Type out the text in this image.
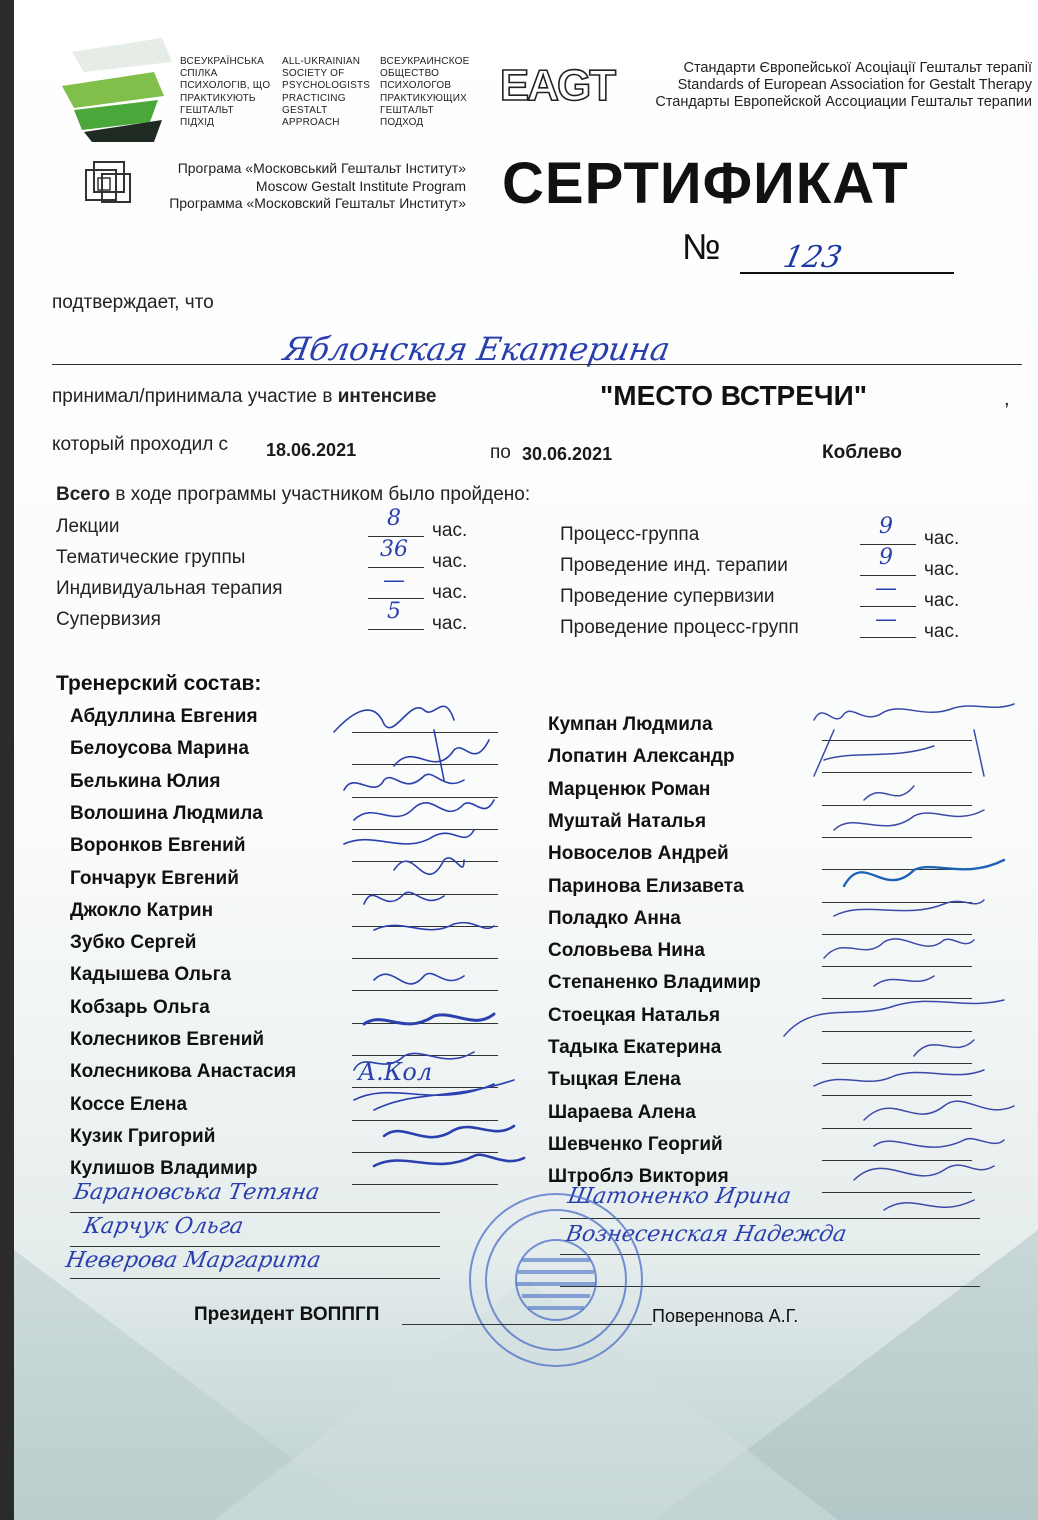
ВСЕУКРАЇНСЬКА
СПІЛКА
ПСИХОЛОГІВ, ЩО
ПРАКТИКУЮТЬ
ГЕШТАЛЬТ
ПІДХІД
ALL-UKRAINIAN
SOCIETY OF
PSYCHOLOGISTS
PRACTICING
GESTALT
APPROACH
ВСЕУКРАИНСКОЕ
ОБЩЕСТВО
ПСИХОЛОГОВ
ПРАКТИКУЮЩИХ
ГЕШТАЛЬТ
ПОДХОД
EAGT	Стандарти Європейської Асоціації Гештальт терапії
Standards of European Association for Gestalt Therapy
Стандарты Европейской Ассоциации Гештальт терапии
Програма «Московський Гештальт Інститут»
Moscow Gestalt Institute Program
Программа «Московский Гештальт Институт» СЕРТИФИКАТ
№ 123
подтверждает, что
Яблонская Екатерина
принимал/принимала участие в интенсиве	"МЕСТО ВСТРЕЧИ"	,
который проходил с 18.06.2021	по 30.06.2021	Коблево
Всего в ходе программы участником было пройдено:
Лекции	8	час.
Тематические группы	36	час.
Индивидуальная терапия	—	час.
Супервизия	5	час.
Процесс-группа	9	час.
Проведение инд. терапии	9	час.
Проведение супервизии	—	час.
Проведение процесс-групп	—	час.
Тренерский состав:
Абдуллина Евгения
Белоусова Марина
Белькина Юлия
Волошина Людмила
Воронков Евгений
Гончарук Евгений
Джокло Катрин
Зубко Сергей
Кадышева Ольга
Кобзарь Ольга
Колесников Евгений
Колесникова Анастасия
Коссе Елена
Кузик Григорий
Кулишов Владимир
Кумпан Людмила
Лопатин Александр
Марценюк Роман
Муштай Наталья
Новоселов Андрей
Паринова Елизавета
Поладко Анна
Соловьева Нина
Степаненко Владимир
Стоецкая Наталья
Тадыка Екатерина
Тыцкая Елена
Шараева Алена
Шевченко Георгий
Штроблэ Виктория
А.Кол
Барановська Тетяна
Карчук Ольга
Неверова Маргарита
Шатоненко Ирина
Вознесенская Надежда
Президент ВОППГП	Поверенnова А.Г.
